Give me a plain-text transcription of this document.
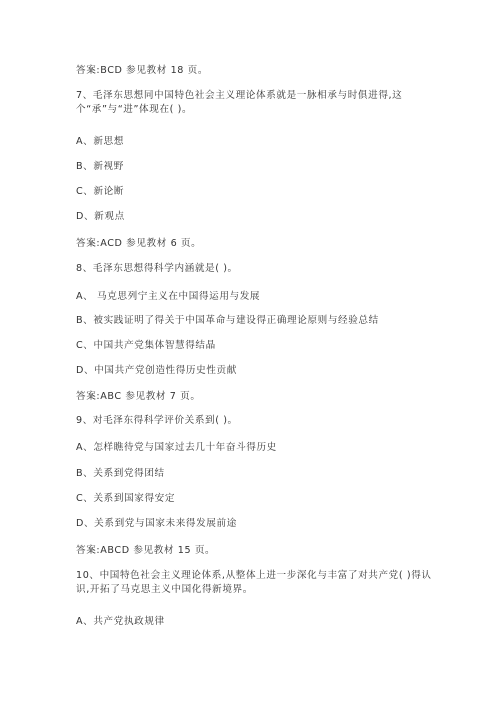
答案:BCD 参见教材 18 页。
7、毛泽东思想同中国特色社会主义理论体系就是一脉相承与时俱进得,这个“承”与“进”体现在( )。
A、新思想
B、新视野
C、新论断
D、新观点
答案:ACD 参见教材 6 页。
8、毛泽东思想得科学内涵就是( )。
A、 马克思列宁主义在中国得运用与发展
B、被实践证明了得关于中国革命与建设得正确理论原则与经验总结
C、中国共产党集体智慧得结晶
D、中国共产党创造性得历史性贡献
答案:ABC 参见教材 7 页。
9、对毛泽东得科学评价关系到( )。
A、怎样瞧待党与国家过去几十年奋斗得历史
B、关系到党得团结
C、关系到国家得安定
D、关系到党与国家未来得发展前途
答案:ABCD 参见教材 15 页。
10、中国特色社会主义理论体系,从整体上进一步深化与丰富了对共产党( )得认识,开拓了马克思主义中国化得新境界。
A、共产党执政规律
